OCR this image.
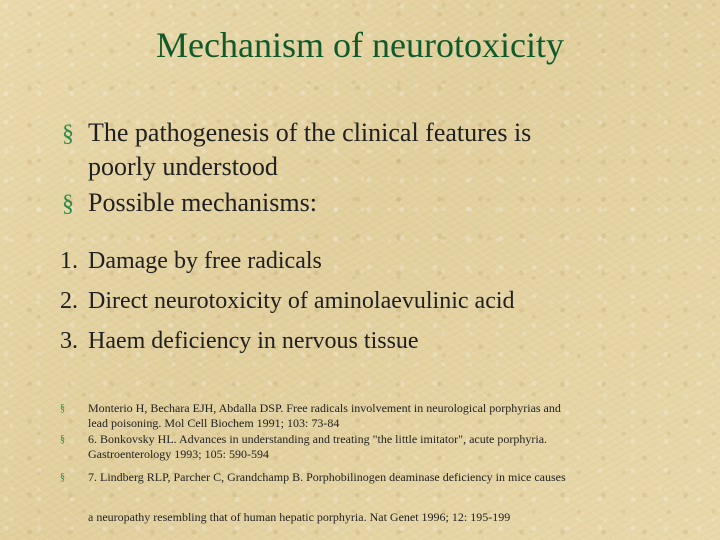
Mechanism of neurotoxicity
§ The pathogenesis of the clinical features is
poorly understood
§ Possible mechanisms:
1. Damage by free radicals
2. Direct neurotoxicity of aminolaevulinic acid
3. Haem deficiency in nervous tissue
§ Monterio H, Bechara EJH, Abdalla DSP. Free radicals involvement in neurological porphyrias and
lead poisoning. Mol Cell Biochem 1991; 103: 73-84
§ 6. Bonkovsky HL. Advances in understanding and treating "the little imitator", acute porphyria.
Gastroenterology 1993; 105: 590-594
§ 7. Lindberg RLP, Parcher C, Grandchamp B. Porphobilinogen deaminase deficiency in mice causes
a neuropathy resembling that of human hepatic porphyria. Nat Genet 1996; 12: 195-199
